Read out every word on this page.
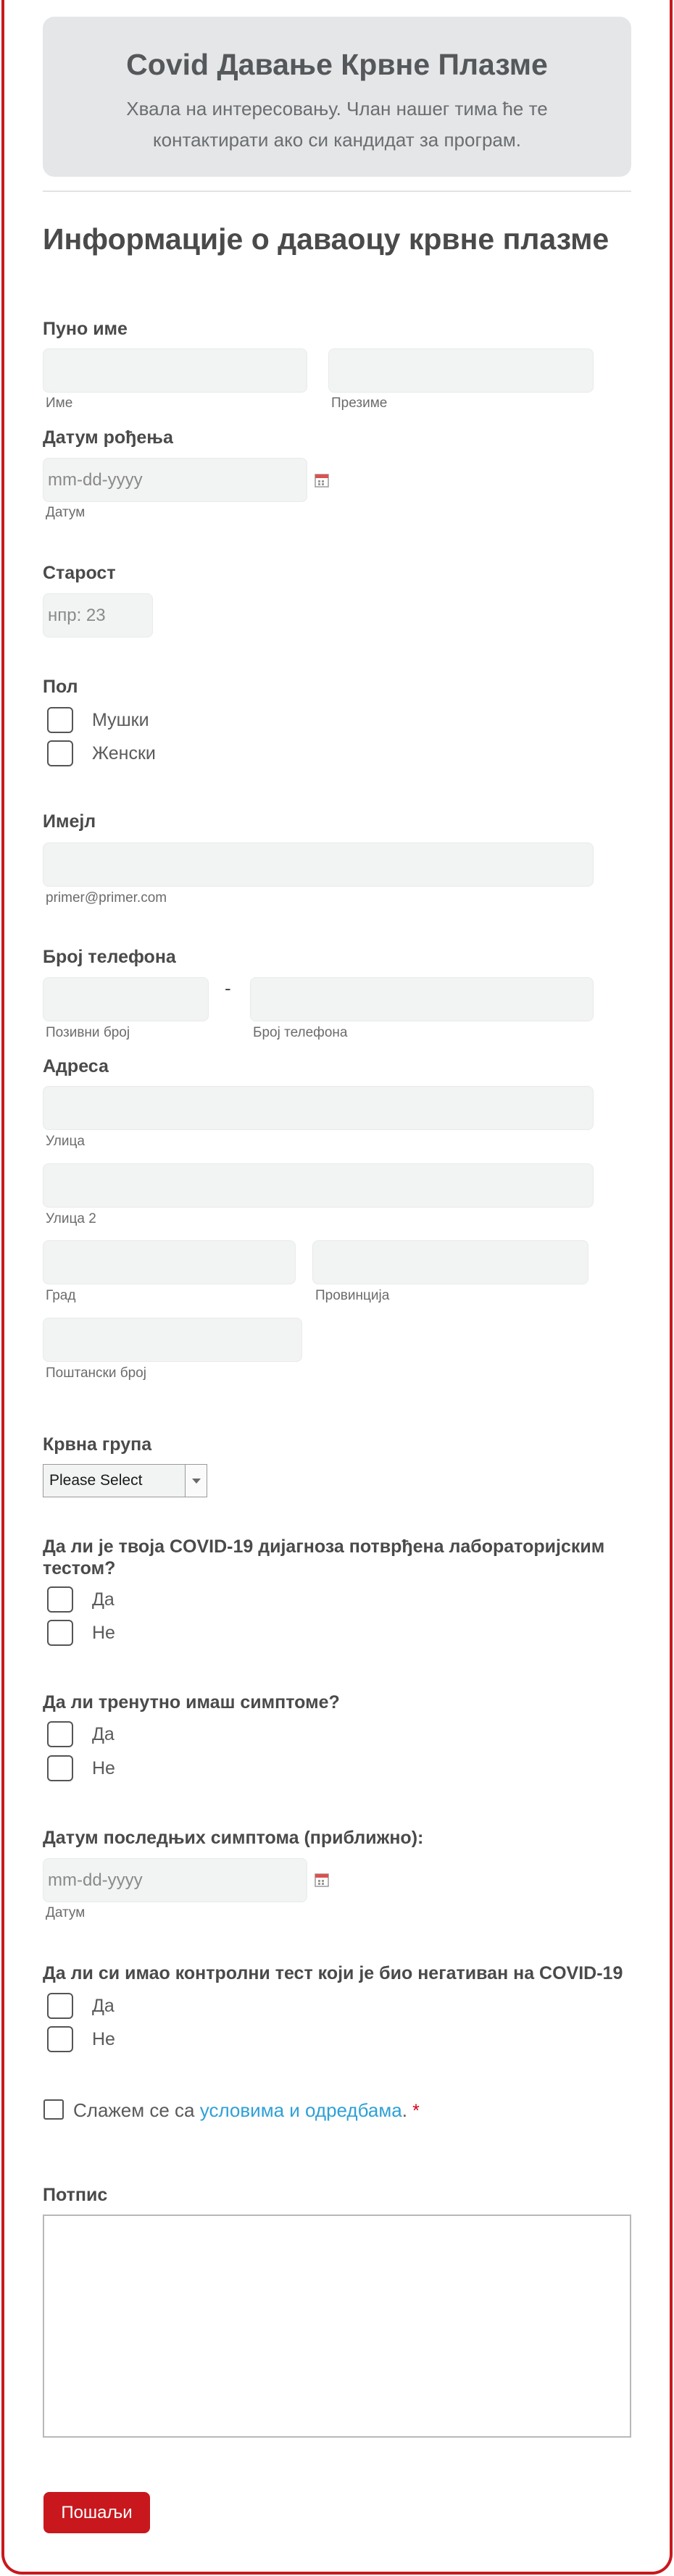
Covid Давање Крвне Плазме
Хвала на интересовању. Члан нашег тима ће те контактирати ако си кандидат за програм.
Информације о даваоцу крвне плазме
Пуно име
Име	Презиме
Датум рођења
mm-dd-yyyy
Датум
Старост
нпр: 23
Пол
Мушки
Женски
Имејл
primer@primer.com
Број телефона
-
Позивни број	Број телефона
Адреса
Улица
Улица 2
Град	Провинција
Поштански број
Крвна група
Please Select
Да ли је твоја COVID-19 дијагноза потврђена лабораторијским тестом?
Да
Не
Да ли тренутно имаш симптоме?
Да
Не
Датум последњих симптома (приближно):
mm-dd-yyyy
Датум
Да ли си имао контролни тест који је био негативан на COVID-19
Да
Не
Слажем се са условима и одредбама. *
Потпис
Пошаљи
